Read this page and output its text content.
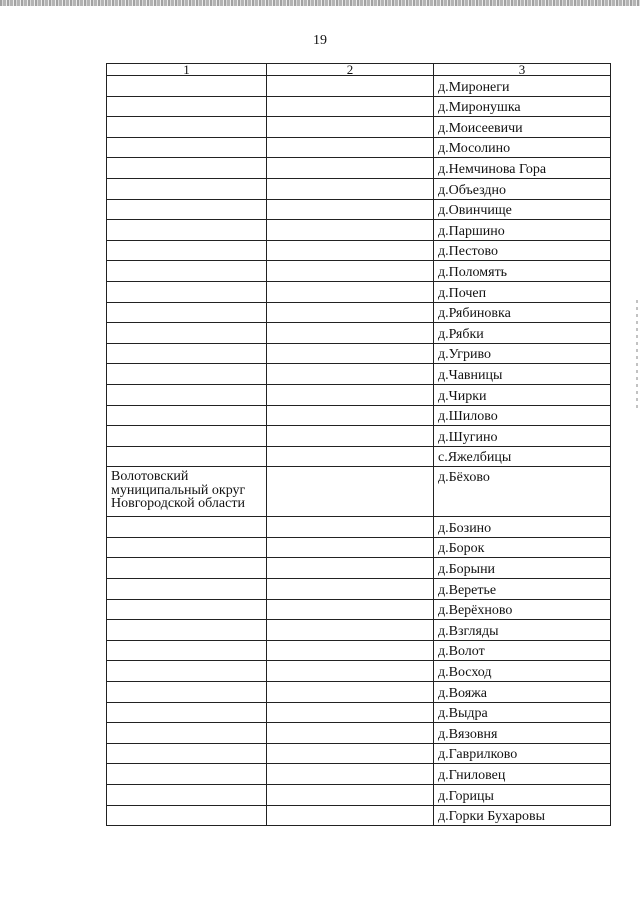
19
1	2	3
		д.Миронеги
		д.Миронушка
		д.Моисеевичи
		д.Мосолино
		д.Немчинова Гора
		д.Объездно
		д.Овинчище
		д.Паршино
		д.Пестово
		д.Поломять
		д.Почеп
		д.Рябиновка
		д.Рябки
		д.Угриво
		д.Чавницы
		д.Чирки
		д.Шилово
		д.Шугино
		с.Яжелбицы
Волотовский муниципальный округ Новгородской области		д.Бёхово
		д.Бозино
		д.Борок
		д.Борыни
		д.Веретье
		д.Верёхново
		д.Взгляды
		д.Волот
		д.Восход
		д.Вояжа
		д.Выдра
		д.Вязовня
		д.Гаврилково
		д.Гниловец
		д.Горицы
		д.Горки Бухаровы
